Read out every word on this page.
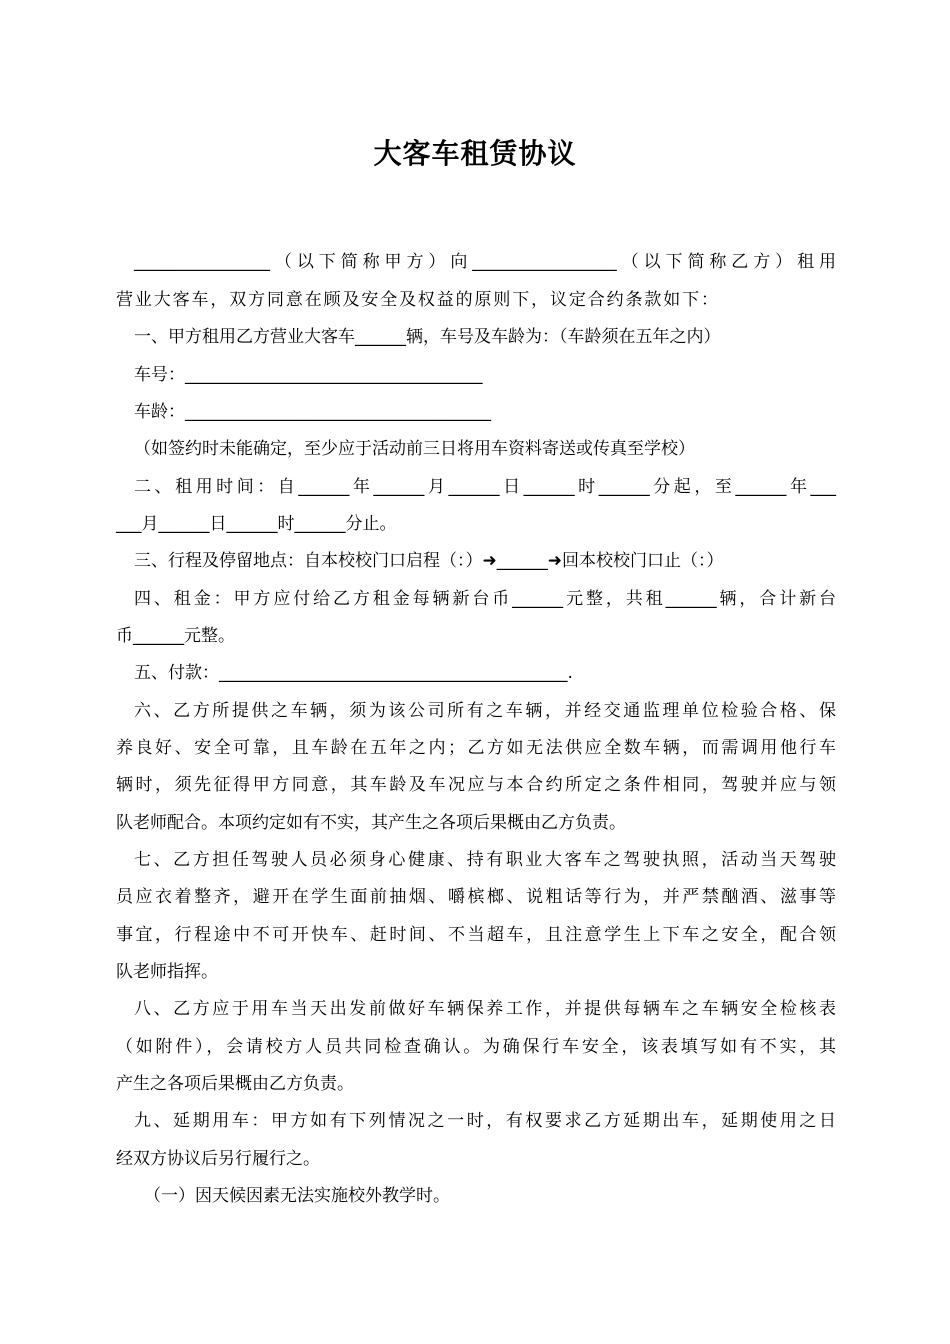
大客车租赁协议
________________（以下简称甲方）向_________________（以下简称乙方）租用
营业大客车，双方同意在顾及安全及权益的原则下，议定合约条款如下：
一、甲方租用乙方营业大客车______辆，车号及车龄为：（车龄须在五年之内）
车号：___________________________________
车龄：____________________________________
（如签约时未能确定，至少应于活动前三日将用车资料寄送或传真至学校）
二、租用时间：自______年______月______日______时______分起，至______年___
___月______日______时______分止。
三、行程及停留地点：自本校校门口启程（：）➜______➜回本校校门口止（：）
四、租金：甲方应付给乙方租金每辆新台币______元整，共租______辆，合计新台
币______元整。
五、付款：_________________________________________.
六、乙方所提供之车辆，须为该公司所有之车辆，并经交通监理单位检验合格、保
养良好、安全可靠，且车龄在五年之内；乙方如无法供应全数车辆，而需调用他行车
辆时，须先征得甲方同意，其车龄及车况应与本合约所定之条件相同，驾驶并应与领
队老师配合。本项约定如有不实，其产生之各项后果概由乙方负责。
七、乙方担任驾驶人员必须身心健康、持有职业大客车之驾驶执照，活动当天驾驶
员应衣着整齐，避开在学生面前抽烟、嚼槟榔、说粗话等行为，并严禁酗酒、滋事等
事宜，行程途中不可开快车、赶时间、不当超车，且注意学生上下车之安全，配合领
队老师指挥。
八、乙方应于用车当天出发前做好车辆保养工作，并提供每辆车之车辆安全检核表
（如附件），会请校方人员共同检查确认。为确保行车安全，该表填写如有不实，其
产生之各项后果概由乙方负责。
九、延期用车：甲方如有下列情况之一时，有权要求乙方延期出车，延期使用之日
经双方协议后另行履行之。
（一）因天候因素无法实施校外教学时。
